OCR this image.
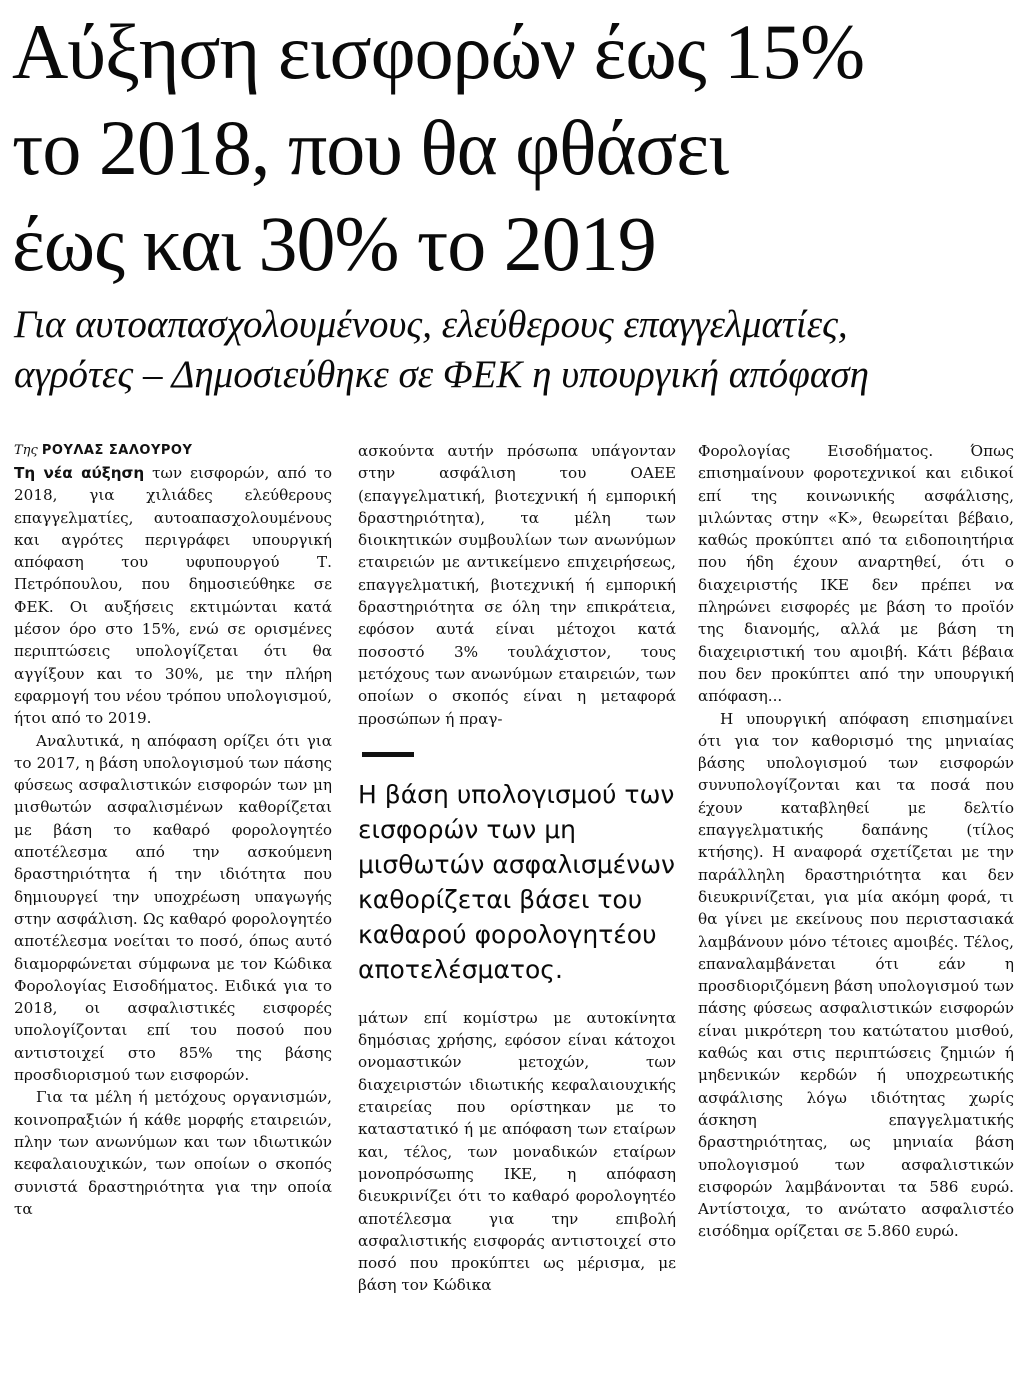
Αύξηση εισφορών έως 15%
το 2018, που θα φθάσει
έως και 30% το 2019
Για αυτοαπασχολουμένους, ελεύθερους επαγγελματίες,
αγρότες – Δημοσιεύθηκε σε ΦΕΚ η υπουργική απόφαση

Της ΡΟΥΛΑΣ ΣΑΛΟΥΡΟΥ

Τη νέα αύξηση των εισφορών, από το 2018, για χιλιάδες ελεύθερους επαγγελματίες, αυτοαπασχολουμένους και αγρότες περιγράφει υπουργική απόφαση του υφυπουργού Τ. Πετρόπουλου, που δημοσιεύθηκε σε ΦΕΚ. Οι αυξήσεις εκτιμώνται κατά μέσον όρο στο 15%, ενώ σε ορισμένες περιπτώσεις υπολογίζεται ότι θα αγγίξουν και το 30%, με την πλήρη εφαρμογή του νέου τρόπου υπολογισμού, ήτοι από το 2019.

Αναλυτικά, η απόφαση ορίζει ότι για το 2017, η βάση υπολογισμού των πάσης φύσεως ασφαλιστικών εισφορών των μη μισθωτών ασφαλισμένων καθορίζεται με βάση το καθαρό φορολογητέο αποτέλεσμα από την ασκούμενη δραστηριότητα ή την ιδιότητα που δημιουργεί την υποχρέωση υπαγωγής στην ασφάλιση. Ως καθαρό φορολογητέο αποτέλεσμα νοείται το ποσό, όπως αυτό διαμορφώνεται σύμφωνα με τον Κώδικα Φορολογίας Εισοδήματος. Ειδικά για το 2018, οι ασφαλιστικές εισφορές υπολογίζονται επί του ποσού που αντιστοιχεί στο 85% της βάσης προσδιορισμού των εισφορών.

Για τα μέλη ή μετόχους οργανισμών, κοινοπραξιών ή κάθε μορφής εταιρειών, πλην των ανωνύμων και των ιδιωτικών κεφαλαιουχικών, των οποίων ο σκοπός συνιστά δραστηριότητα για την οποία τα

ασκούντα αυτήν πρόσωπα υπάγονταν στην ασφάλιση του ΟΑΕΕ (επαγγελματική, βιοτεχνική ή εμπορική δραστηριότητα), τα μέλη των διοικητικών συμβουλίων των ανωνύμων εταιρειών με αντικείμενο επιχειρήσεως, επαγγελματική, βιοτεχνική ή εμπορική δραστηριότητα σε όλη την επικράτεια, εφόσον αυτά είναι μέτοχοι κατά ποσοστό 3% τουλάχιστον, τους μετόχους των ανωνύμων εταιρειών, των οποίων ο σκοπός είναι η μεταφορά προσώπων ή πραγ-

Η βάση υπολογισμού των εισφορών των μη μισθωτών ασφαλισμένων καθορίζεται βάσει του καθαρού φορολογητέου αποτελέσματος.

μάτων επί κομίστρω με αυτοκίνητα δημόσιας χρήσης, εφόσον είναι κάτοχοι ονομαστικών μετοχών, των διαχειριστών ιδιωτικής κεφαλαιουχικής εταιρείας που ορίστηκαν με το καταστατικό ή με απόφαση των εταίρων και, τέλος, των μοναδικών εταίρων μονοπρόσωπης ΙΚΕ, η απόφαση διευκρινίζει ότι το καθαρό φορολογητέο αποτέλεσμα για την επιβολή ασφαλιστικής εισφοράς αντιστοιχεί στο ποσό που προκύπτει ως μέρισμα, με βάση τον Κώδικα

Φορολογίας Εισοδήματος. Όπως επισημαίνουν φοροτεχνικοί και ειδικοί επί της κοινωνικής ασφάλισης, μιλώντας στην «Κ», θεωρείται βέβαιο, καθώς προκύπτει από τα ειδοποιητήρια που ήδη έχουν αναρτηθεί, ότι ο διαχειριστής ΙΚΕ δεν πρέπει να πληρώνει εισφορές με βάση το προϊόν της διανομής, αλλά με βάση τη διαχειριστική του αμοιβή. Κάτι βέβαια που δεν προκύπτει από την υπουργική απόφαση...

Η υπουργική απόφαση επισημαίνει ότι για τον καθορισμό της μηνιαίας βάσης υπολογισμού των εισφορών συνυπολογίζονται και τα ποσά που έχουν καταβληθεί με δελτίο επαγγελματικής δαπάνης (τίλος κτήσης). Η αναφορά σχετίζεται με την παράλληλη δραστηριότητα και δεν διευκρινίζεται, για μία ακόμη φορά, τι θα γίνει με εκείνους που περιστασιακά λαμβάνουν μόνο τέτοιες αμοιβές. Τέλος, επαναλαμβάνεται ότι εάν η προσδιοριζόμενη βάση υπολογισμού των πάσης φύσεως ασφαλιστικών εισφορών είναι μικρότερη του κατώτατου μισθού, καθώς και στις περιπτώσεις ζημιών ή μηδενικών κερδών ή υποχρεωτικής ασφάλισης λόγω ιδιότητας χωρίς άσκηση επαγγελματικής δραστηριότητας, ως μηνιαία βάση υπολογισμού των ασφαλιστικών εισφορών λαμβάνονται τα 586 ευρώ. Αντίστοιχα, το ανώτατο ασφαλιστέο εισόδημα ορίζεται σε 5.860 ευρώ.
